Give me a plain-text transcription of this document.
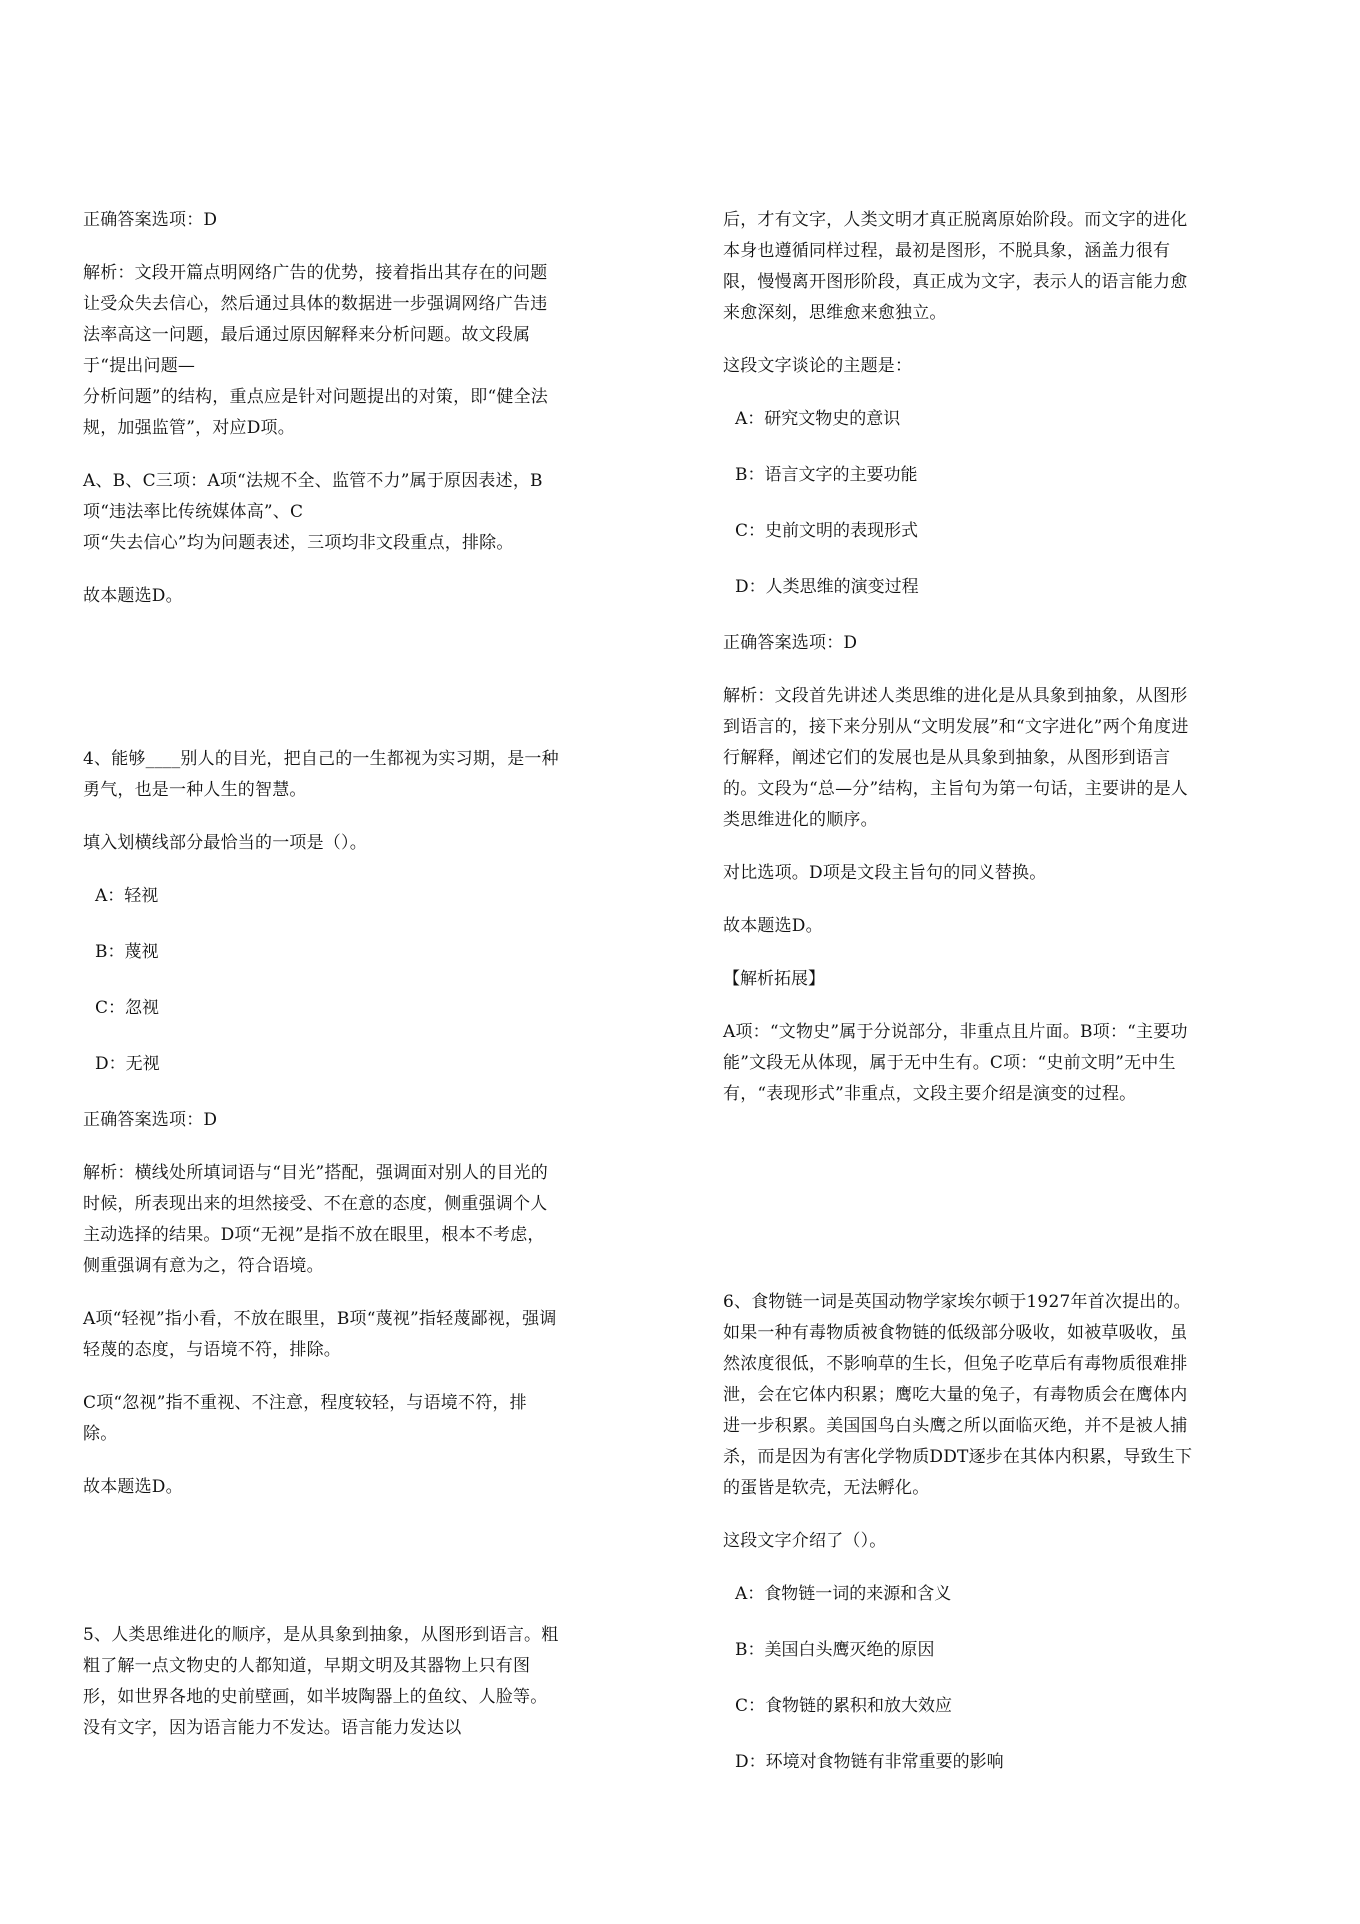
正确答案选项：D
解析：文段开篇点明网络广告的优势，接着指出其存在的问题让受众失去信心，然后通过具体的数据进一步强调网络广告违法率高这一问题，最后通过原因解释来分析问题。故文段属于“提出问题—
分析问题”的结构，重点应是针对问题提出的对策，即“健全法规，加强监管”，对应D项。
A、B、C三项：A项“法规不全、监管不力”属于原因表述，B
项“违法率比传统媒体高”、C
项“失去信心”均为问题表述，三项均非文段重点，排除。
故本题选D。
4、能够____别人的目光，把自己的一生都视为实习期，是一种勇气，也是一种人生的智慧。
填入划横线部分最恰当的一项是（）。
A：轻视
B：蔑视
C：忽视
D：无视
正确答案选项：D
解析：横线处所填词语与“目光”搭配，强调面对别人的目光的时候，所表现出来的坦然接受、不在意的态度，侧重强调个人主动选择的结果。D项“无视”是指不放在眼里，根本不考虑，侧重强调有意为之，符合语境。
A项“轻视”指小看，不放在眼里，B项“蔑视”指轻蔑鄙视，强调轻蔑的态度，与语境不符，排除。
C项“忽视”指不重视、不注意，程度较轻，与语境不符，排除。
故本题选D。
5、人类思维进化的顺序，是从具象到抽象，从图形到语言。粗粗了解一点文物史的人都知道，早期文明及其器物上只有图形，如世界各地的史前壁画，如半坡陶器上的鱼纹、人脸等。没有文字，因为语言能力不发达。语言能力发达以
后，才有文字，人类文明才真正脱离原始阶段。而文字的进化本身也遵循同样过程，最初是图形，不脱具象，涵盖力很有限，慢慢离开图形阶段，真正成为文字，表示人的语言能力愈来愈深刻，思维愈来愈独立。
这段文字谈论的主题是：
A：研究文物史的意识
B：语言文字的主要功能
C：史前文明的表现形式
D：人类思维的演变过程
正确答案选项：D
解析：文段首先讲述人类思维的进化是从具象到抽象，从图形到语言的，接下来分别从“文明发展”和“文字进化”两个角度进行解释，阐述它们的发展也是从具象到抽象，从图形到语言的。文段为“总—分”结构，主旨句为第一句话，主要讲的是人类思维进化的顺序。
对比选项。D项是文段主旨句的同义替换。
故本题选D。
【解析拓展】
A项：“文物史”属于分说部分，非重点且片面。B项：“主要功能”文段无从体现，属于无中生有。C项：“史前文明”无中生有，“表现形式”非重点，文段主要介绍是演变的过程。
6、食物链一词是英国动物学家埃尔顿于1927年首次提出的。如果一种有毒物质被食物链的低级部分吸收，如被草吸收，虽然浓度很低，不影响草的生长，但兔子吃草后有毒物质很难排泄，会在它体内积累；鹰吃大量的兔子，有毒物质会在鹰体内进一步积累。美国国鸟白头鹰之所以面临灭绝，并不是被人捕杀，而是因为有害化学物质DDT逐步在其体内积累，导致生下的蛋皆是软壳，无法孵化。
这段文字介绍了（）。
A：食物链一词的来源和含义
B：美国白头鹰灭绝的原因
C：食物链的累积和放大效应
D：环境对食物链有非常重要的影响
